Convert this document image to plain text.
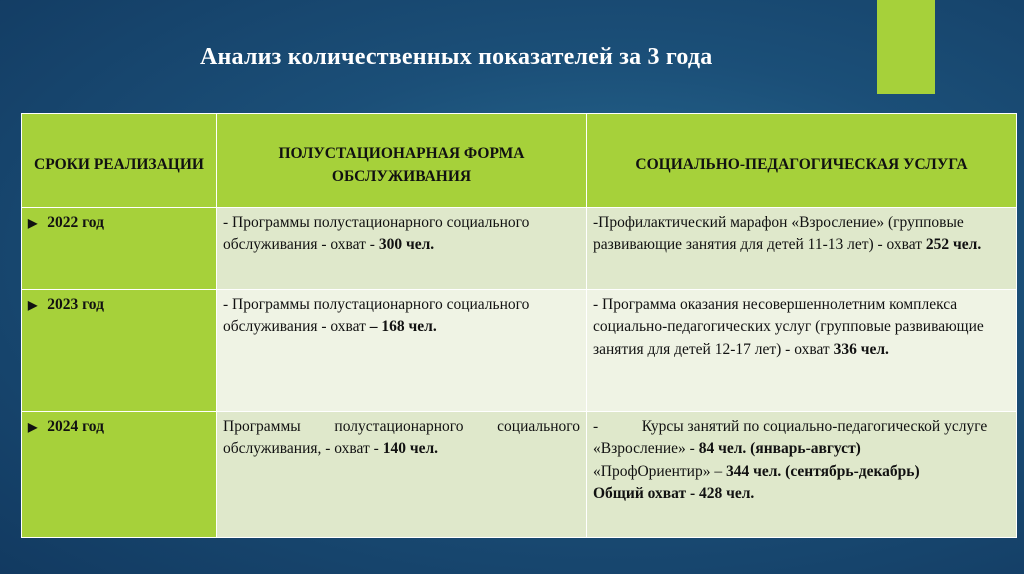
Анализ количественных показателей за 3 года
СРОКИ РЕАЛИЗАЦИИ	ПОЛУСТАЦИОНАРНАЯ ФОРМА ОБСЛУЖИВАНИЯ	СОЦИАЛЬНО-ПЕДАГОГИЧЕСКАЯ УСЛУГА
▶ 2022 год	- Программы полустационарного социального обслуживания - охват - 300 чел.	-Профилактический марафон «Взросление» (групповые развивающие занятия для детей 11-13 лет) - охват 252 чел.
▶ 2023 год	- Программы полустационарного социального обслуживания - охват – 168 чел.	- Программа оказания несовершеннолетним комплекса социально-педагогических услуг (групповые развивающие занятия для детей 12-17 лет) - охват 336 чел.
▶ 2024 год	Программы полустационарного социального обслуживания, - охват - 140 чел.	- Курсы занятий по социально-педагогической услуге
«Взросление» - 84 чел. (январь-август)
«ПрофОриентир» – 344 чел. (сентябрь-декабрь)
Общий охват - 428 чел.
